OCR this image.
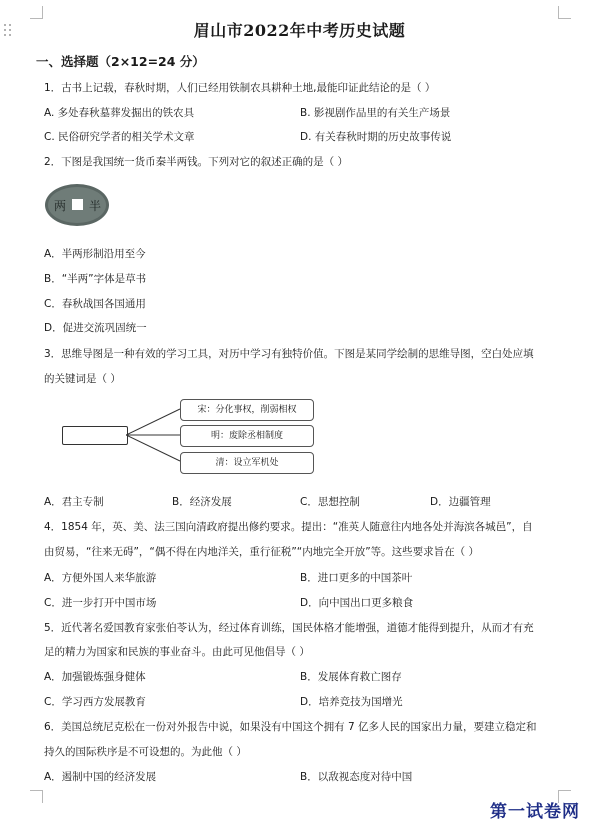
眉山市2022年中考历史试题
一、选择题（2×12=24 分）
1．古书上记载，春秋时期，人们已经用铁制农具耕种土地,最能印证此结论的是（ ）
A. 多处春秋墓葬发掘出的铁农具	B. 影视剧作品里的有关生产场景
C. 民俗研究学者的相关学术文章	D. 有关春秋时期的历史故事传说
2．下图是我国统一货币秦半两钱。下列对它的叙述正确的是（ ）
两 半
A．半两形制沿用至今
B．“半两”字体是草书
C．春秋战国各国通用
D．促进交流巩固统一
3．思维导图是一种有效的学习工具，对历中学习有独特价值。下图是某同学绘制的思维导图，空白处应填
的关键词是（ ）
宋：分化事权，削弱相权
明：废除丞相制度
清：设立军机处
A．君主专制	B．经济发展	C．思想控制	D．边疆管理
4．1854 年，英、美、法三国向清政府提出修约要求。提出：“准英人随意往内地各处并海滨各城邑”，自
由贸易，“往来无碍”，“偶不得在内地洋关，重行征税”“内地完全开放”等。这些要求旨在（ ）
A．方便外国人来华旅游	B．进口更多的中国茶叶
C．进一步打开中国市场	D．向中国出口更多粮食
5．近代著名爱国教育家张伯苓认为，经过体育训练，国民体格才能增强，道德才能得到提升，从而才有充
足的精力为国家和民族的事业奋斗。由此可见他倡导（ ）
A．加强锻炼强身健体	B．发展体育救亡图存
C．学习西方发展教育	D．培养竞技为国增光
6．美国总统尼克松在一份对外报告中说，如果没有中国这个拥有 7 亿多人民的国家出力量，要建立稳定和
持久的国际秩序是不可设想的。为此他（ ）
A．遏制中国的经济发展	B．以敌视态度对待中国
第一试卷网
